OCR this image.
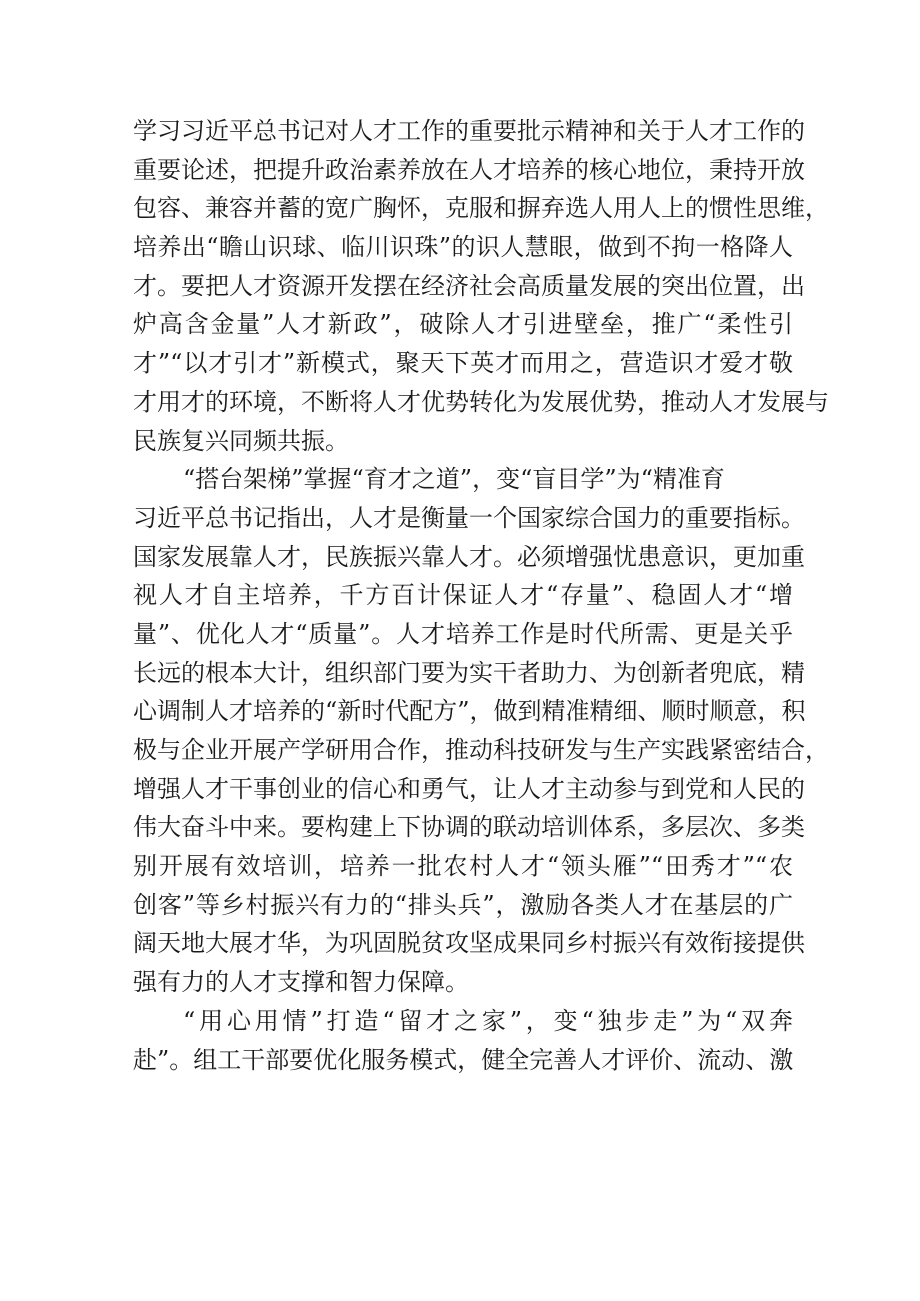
学习习近平总书记对人才工作的重要批示精神和关于人才工作的
重要论述，把提升政治素养放在人才培养的核心地位，秉持开放
包容、兼容并蓄的宽广胸怀，克服和摒弃选人用人上的惯性思维，
培养出“瞻山识球、临川识珠”的识人慧眼，做到不拘一格降人
才。要把人才资源开发摆在经济社会高质量发展的突出位置，出
炉高含金量”人才新政”，破除人才引进壁垒，推广“柔性引
才”“以才引才”新模式，聚天下英才而用之，营造识才爱才敬
才用才的环境，不断将人才优势转化为发展优势，推动人才发展与
民族复兴同频共振。
“搭台架梯”掌握“育才之道”，变“盲目学”为“精准育
习近平总书记指出，人才是衡量一个国家综合国力的重要指标。
国家发展靠人才，民族振兴靠人才。必须增强忧患意识，更加重
视人才自主培养，千方百计保证人才“存量”、稳固人才“增
量”、优化人才“质量”。人才培养工作是时代所需、更是关乎
长远的根本大计，组织部门要为实干者助力、为创新者兜底，精
心调制人才培养的“新时代配方”，做到精准精细、顺时顺意，积
极与企业开展产学研用合作，推动科技研发与生产实践紧密结合，
增强人才干事创业的信心和勇气，让人才主动参与到党和人民的
伟大奋斗中来。要构建上下协调的联动培训体系，多层次、多类
别开展有效培训，培养一批农村人才“领头雁”“田秀才”“农
创客”等乡村振兴有力的“排头兵”，激励各类人才在基层的广
阔天地大展才华，为巩固脱贫攻坚成果同乡村振兴有效衔接提供
强有力的人才支撑和智力保障。
“用心用情”打造“留才之家”，变“独步走”为“双奔
赴”。组工干部要优化服务模式，健全完善人才评价、流动、激
